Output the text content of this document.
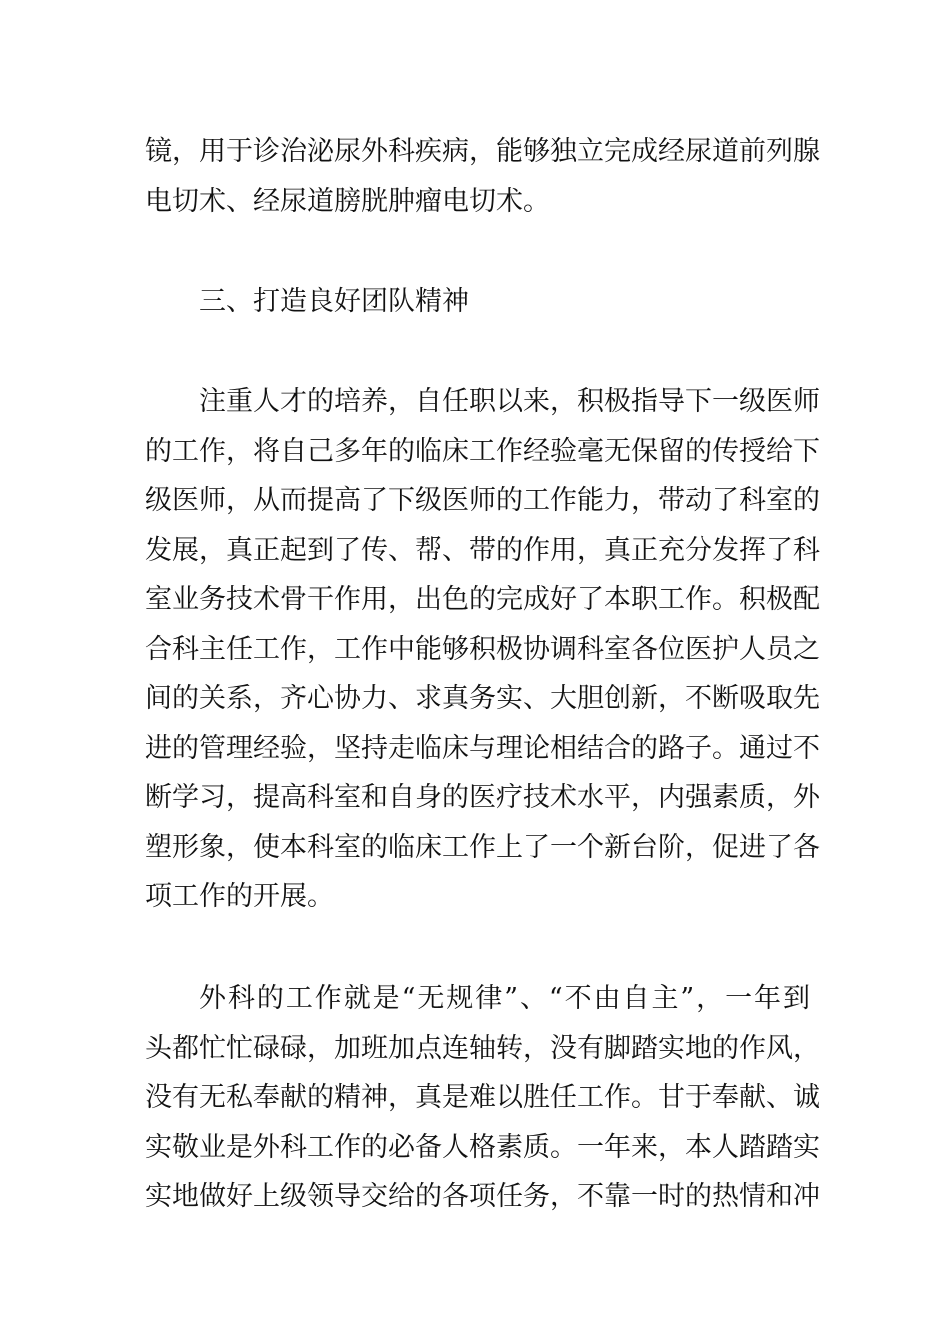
镜，用于诊治泌尿外科疾病，能够独立完成经尿道前列腺
电切术、经尿道膀胱肿瘤电切术。
三、打造良好团队精神
注重人才的培养，自任职以来，积极指导下一级医师
的工作，将自己多年的临床工作经验毫无保留的传授给下
级医师，从而提高了下级医师的工作能力，带动了科室的
发展，真正起到了传、帮、带的作用，真正充分发挥了科
室业务技术骨干作用，出色的完成好了本职工作。积极配
合科主任工作，工作中能够积极协调科室各位医护人员之
间的关系，齐心协力、求真务实、大胆创新，不断吸取先
进的管理经验，坚持走临床与理论相结合的路子。通过不
断学习，提高科室和自身的医疗技术水平，内强素质，外
塑形象，使本科室的临床工作上了一个新台阶，促进了各
项工作的开展。
外科的工作就是“无规律”、“不由自主”，一年到
头都忙忙碌碌，加班加点连轴转，没有脚踏实地的作风，
没有无私奉献的精神，真是难以胜任工作。甘于奉献、诚
实敬业是外科工作的必备人格素质。一年来，本人踏踏实
实地做好上级领导交给的各项任务，不靠一时的热情和冲
